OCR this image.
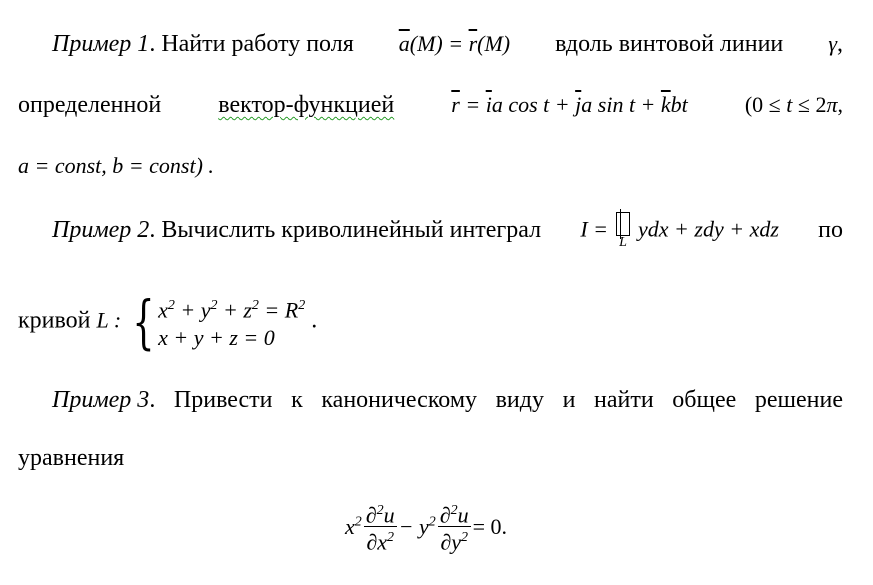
Пример 1. Найти работу поля $\overline{a}(M) = \overline{r}(M)$ вдоль винтовой линии γ,
определенной вектор-функцией	$\overline{r} = \overline{i}a$ $\cos t + \overline{j}a$ $\sin t + \overline{k}bt$	(0 ≤ t ≤ 2π,
a = const, b = const) .
Пример 2. Вычислить криволинейный интеграл I =
L
ydx + zdy + xdz по
кривой L : { $x^2 + y^2 + z^2 = R^2$
x + y + z = 0
.
Пример 3 . Привести к каноническому виду и найти общее решение
уравнения
$x^2 \frac{\partial^2u}{\partial x^2} - y^2 \frac{\partial^2u}{\partial y^2} = 0$.
